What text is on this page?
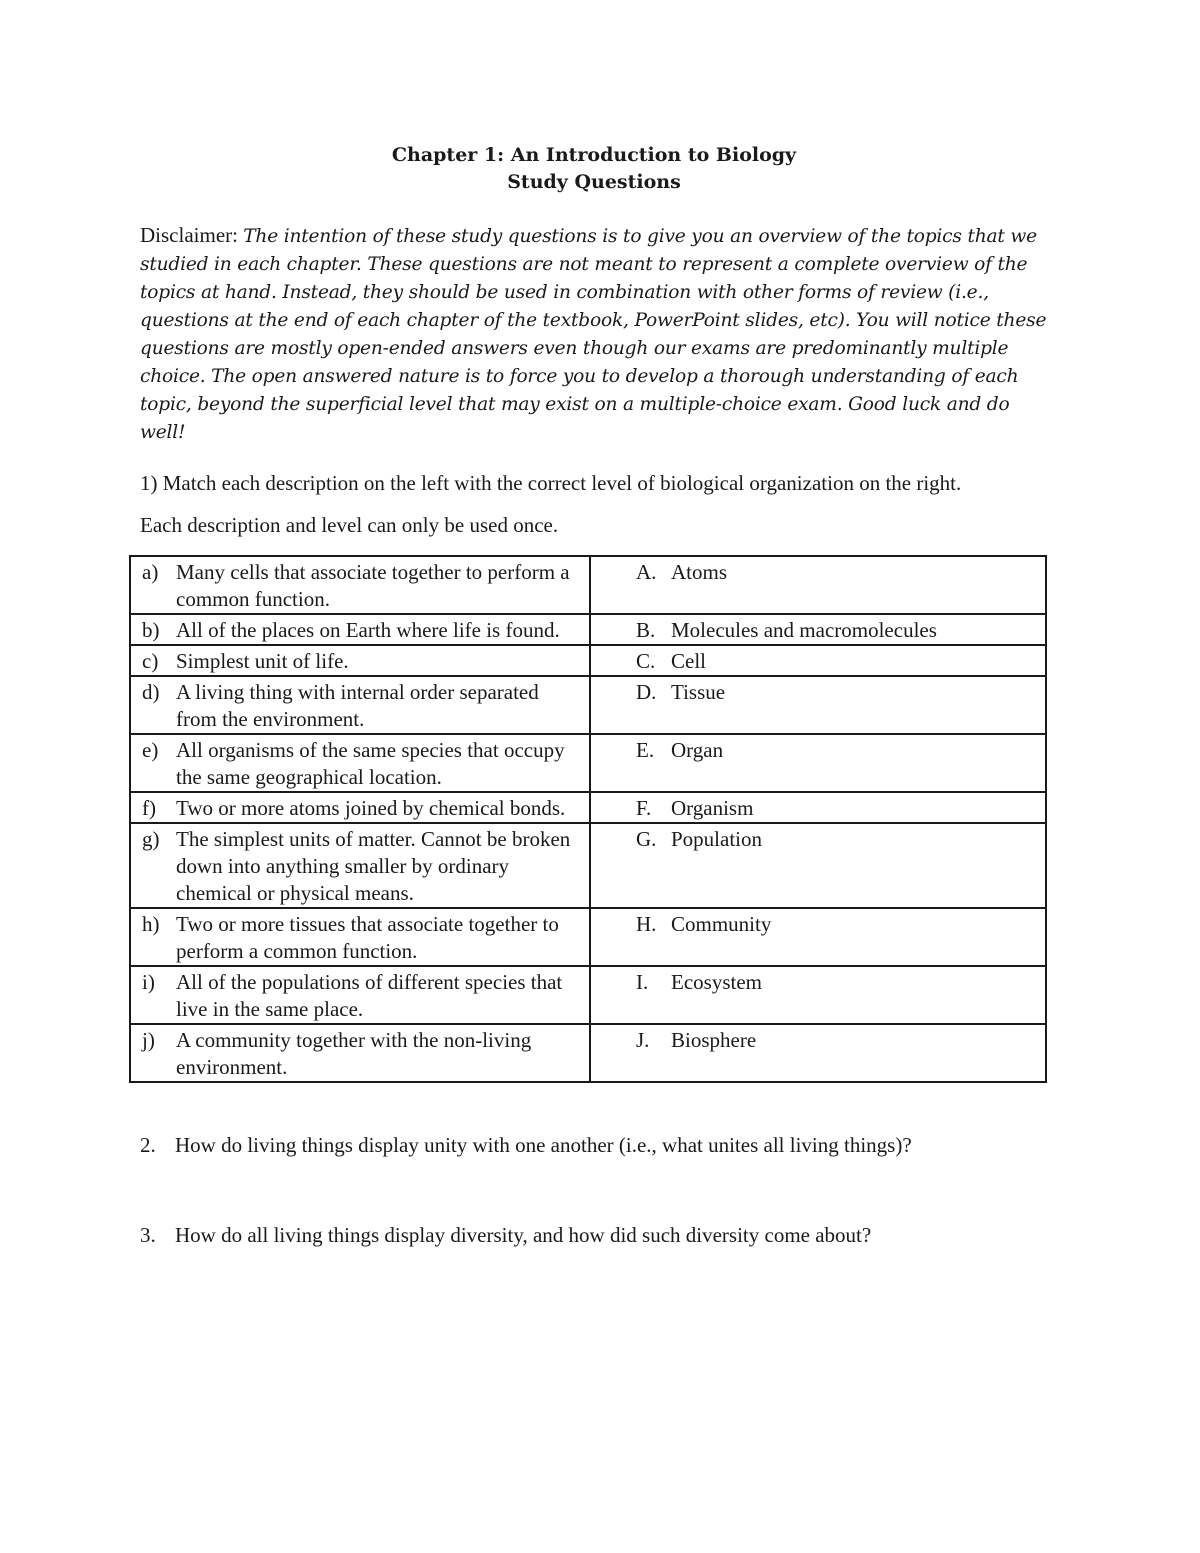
Chapter 1: An Introduction to Biology
Study Questions

Disclaimer: The intention of these study questions is to give you an overview of the topics that we studied in each chapter. These questions are not meant to represent a complete overview of the topics at hand. Instead, they should be used in combination with other forms of review (i.e., questions at the end of each chapter of the textbook, PowerPoint slides, etc). You will notice these questions are mostly open-ended answers even though our exams are predominantly multiple choice. The open answered nature is to force you to develop a thorough understanding of each topic, beyond the superficial level that may exist on a multiple-choice exam. Good luck and do well!

1) Match each description on the left with the correct level of biological organization on the right.

Each description and level can only be used once.

a) Many cells that associate together to perform a common function.	A. Atoms

b) All of the places on Earth where life is found.	B. Molecules and macromolecules

c) Simplest unit of life.	C. Cell

d) A living thing with internal order separated from the environment.	D. Tissue

e) All organisms of the same species that occupy the same geographical location.	E. Organ

f) Two or more atoms joined by chemical bonds.	F. Organism

g) The simplest units of matter. Cannot be broken down into anything smaller by ordinary chemical or physical means.	G. Population

h) Two or more tissues that associate together to perform a common function.	H. Community

i) All of the populations of different species that live in the same place.	I. Ecosystem

j) A community together with the non-living environment.	J. Biosphere
2. How do living things display unity with one another (i.e., what unites all living things)?
3. How do all living things display diversity, and how did such diversity come about?
